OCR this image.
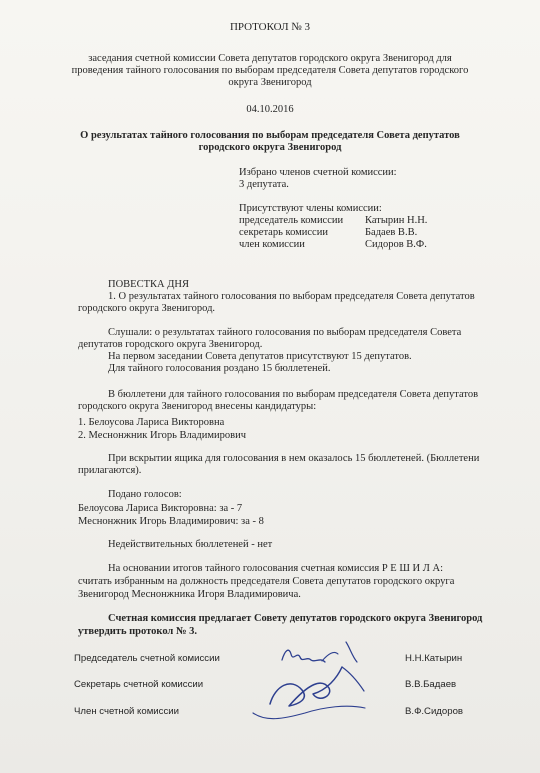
ПРОТОКОЛ № 3
заседания счетной комиссии Совета депутатов городского округа Звенигород для
проведения тайного голосования по выборам председателя Совета депутатов городского
округа Звенигород
04.10.2016
О результатах тайного голосования по выборам председателя Совета депутатов
городского округа Звенигород
Избрано членов счетной комиссии:
3 депутата.
Присутствуют члены комиссии:
председатель комиссии Катырин Н.Н.
секретарь комиссии	Бадаев В.В.
член комиссии	Сидоров В.Ф.
ПОВЕСТКА ДНЯ
1. О результатах тайного голосования по выборам председателя Совета депутатов
городского округа Звенигород.
Слушали: о результатах тайного голосования по выборам председателя Совета
депутатов городского округа Звенигород.
На первом заседании Совета депутатов присутствуют 15 депутатов.
Для тайного голосования роздано 15 бюллетеней.
В бюллетени для тайного голосования по выборам председателя Совета депутатов
городского округа Звенигород внесены кандидатуры:
1. Белоусова Лариса Викторовна
2. Меснонжник Игорь Владимирович
При вскрытии ящика для голосования в нем оказалось 15 бюллетеней. (Бюллетени
прилагаются).
Подано голосов:
Белоусова Лариса Викторовна: за - 7
Меснонжник Игорь Владимирович: за - 8
Недействительных бюллетеней - нет
На основании итогов тайного голосования счетная комиссия Р Е Ш И Л А:
считать избранным на должность председателя Совета депутатов городского округа
Звенигород Меснонжника Игоря Владимировича.
Счетная комиссия предлагает Совету депутатов городского округа Звенигород
утвердить протокол № 3.
Председатель счетной комиссии	Н.Н.Катырин
Секретарь счетной комиссии	В.В.Бадаев
Член счетной комиссии	В.Ф.Сидоров
